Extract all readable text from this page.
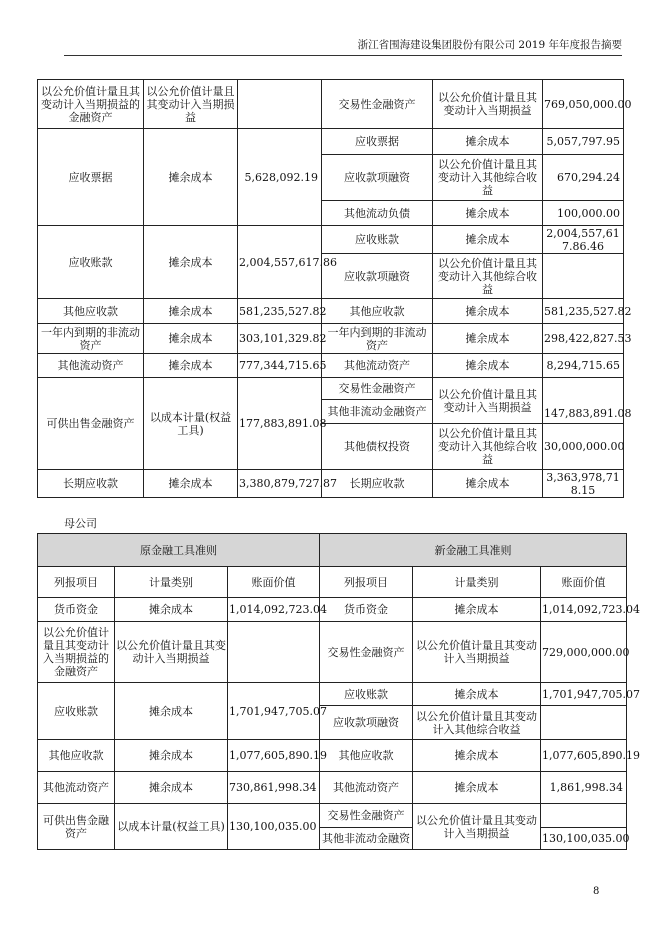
浙江省围海建设集团股份有限公司 2019 年年度报告摘要
以公允价值计量且其变动计入当期损益的金融资产	以公允价值计量且其变动计入当期损益		交易性金融资产	以公允价值计量且其变动计入当期损益	769,050,000.00
应收票据	摊余成本	5,628,092.19	应收票据	摊余成本	5,057,797.95
			应收款项融资	以公允价值计量且其变动计入其他综合收益	670,294.24
			其他流动负债	摊余成本	100,000.00
应收账款	摊余成本	2,004,557,617.86	应收账款	摊余成本	2,004,557,617.86.46
			应收款项融资	以公允价值计量且其变动计入其他综合收益	
其他应收款	摊余成本	581,235,527.82	其他应收款	摊余成本	581,235,527.82
一年内到期的非流动资产	摊余成本	303,101,329.82	一年内到期的非流动资产	摊余成本	298,422,827.53
其他流动资产	摊余成本	777,344,715.65	其他流动资产	摊余成本	8,294,715.65
可供出售金融资产	以成本计量(权益工具)	177,883,891.08	交易性金融资产	以公允价值计量且其变动计入当期损益	147,883,891.08
			其他非流动金融资产		
			其他债权投资	以公允价值计量且其变动计入其他综合收益	30,000,000.00
长期应收款	摊余成本	3,380,879,727.87	长期应收款	摊余成本	3,363,978,718.15
母公司
原金融工具准则			新金融工具准则		
列报项目	计量类别	账面价值	列报项目	计量类别	账面价值
货币资金	摊余成本	1,014,092,723.04	货币资金	摊余成本	1,014,092,723.04
以公允价值计量且其变动计入当期损益的金融资产	以公允价值计量且其变动计入当期损益		交易性金融资产	以公允价值计量且其变动计入当期损益	729,000,000.00
应收账款	摊余成本	1,701,947,705.07	应收账款	摊余成本	1,701,947,705.07
			应收款项融资	以公允价值计量且其变动计入其他综合收益	
其他应收款	摊余成本	1,077,605,890.19	其他应收款	摊余成本	1,077,605,890.19
其他流动资产	摊余成本	730,861,998.34	其他流动资产	摊余成本	1,861,998.34
可供出售金融资产	以成本计量(权益工具)	130,100,035.00	交易性金融资产	以公允价值计量且其变动计入当期损益	
			其他非流动金融资		130,100,035.00
8
